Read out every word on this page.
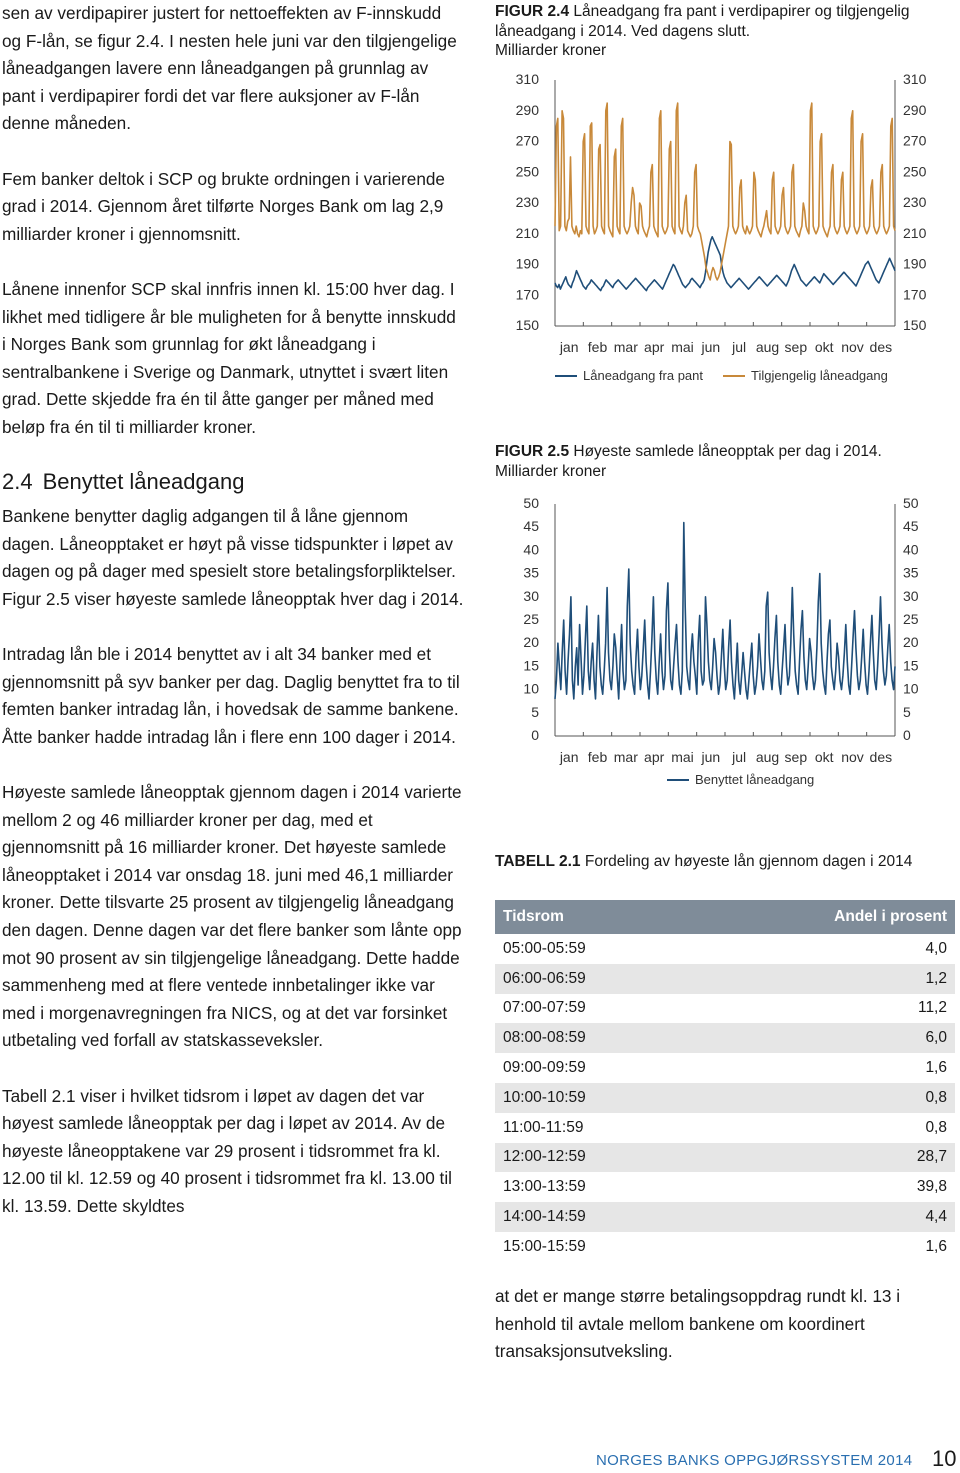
sen av verdipapirer justert for nettoeffekten av F-innskudd og F-lån, se figur 2.4. I nesten hele juni var den tilgjengelige låneadgangen lavere enn låneadgangen på grunnlag av pant i verdipapirer fordi det var flere auksjoner av F-lån denne måneden.

Fem banker deltok i SCP og brukte ordningen i varierende grad i 2014. Gjennom året tilførte Norges Bank om lag 2,9 milliarder kroner i gjennomsnitt.

Lånene innenfor SCP skal innfris innen kl. 15:00 hver dag. I likhet med tidligere år ble muligheten for å benytte innskudd i Norges Bank som grunnlag for økt låneadgang i sentralbankene i Sverige og Danmark, utnyttet i svært liten grad. Dette skjedde fra én til åtte ganger per måned med beløp fra én til ti milliarder kroner.

2.4 Benyttet låneadgang

Bankene benytter daglig adgangen til å låne gjennom dagen. Låneopptaket er høyt på visse tidspunkter i løpet av dagen og på dager med spesielt store betalingsforpliktelser. Figur 2.5 viser høyeste samlede låneopptak hver dag i 2014.

Intradag lån ble i 2014 benyttet av i alt 34 banker med et gjennomsnitt på syv banker per dag. Daglig benyttet fra to til femten banker intradag lån, i hovedsak de samme bankene. Åtte banker hadde intradag lån i flere enn 100 dager i 2014.

Høyeste samlede låneopptak gjennom dagen i 2014 varierte mellom 2 og 46 milliarder kroner per dag, med et gjennomsnitt på 16 milliarder kroner. Det høyeste samlede låneopptaket i 2014 var onsdag 18. juni med 46,1 milliarder kroner. Dette tilsvarte 25 prosent av tilgjengelig låneadgang den dagen. Denne dagen var det flere banker som lånte opp mot 90 prosent av sin tilgjengelige låneadgang. Dette hadde sammenheng med at flere ventede innbetalinger ikke var med i morgenavregningen fra NICS, og at det var forsinket utbetaling ved forfall av statskasseveksler.

Tabell 2.1 viser i hvilket tidsrom i løpet av dagen det var høyest samlede låneopptak per dag i løpet av 2014. Av de høyeste låneopptakene var 29 prosent i tidsrommet fra kl. 12.00 til kl. 12.59 og 40 prosent i tidsrommet fra kl. 13.00 til kl. 13.59. Dette skyldtes

FIGUR 2.4 Låneadgang fra pant i verdipapirer og tilgjengelig låneadgang i 2014. Ved dagens slutt.
Milliarder kroner
310	310
290	290
270	270
250	250
230	230
210	210
190	190
170	170
150	150
jan feb mar apr mai jun jul aug sep okt nov des
Låneadgang fra pant	Tilgjengelig låneadgang
FIGUR 2.5 Høyeste samlede låneopptak per dag i 2014.
Milliarder kroner
50	50
45	45
40	40
35	35
30	30
25	25
20	20
15	15
10	10
5	5
0	0
jan feb mar apr mai jun jul aug sep okt nov des
Benyttet låneadgang
TABELL 2.1 Fordeling av høyeste lån gjennom dagen i 2014
Tidsrom	Andel i prosent
05:00-05:59	4,0
06:00-06:59	1,2
07:00-07:59	11,2
08:00-08:59	6,0
09:00-09:59	1,6
10:00-10:59	0,8
11:00-11:59	0,8
12:00-12:59	28,7
13:00-13:59	39,8
14:00-14:59	4,4
15:00-15:59	1,6

at det er mange større betalingsoppdrag rundt kl. 13 i henhold til avtale mellom bankene om koordinert transaksjonsutveksling.

NORGES BANKS OPPGJØRSSYSTEM 2014 10
